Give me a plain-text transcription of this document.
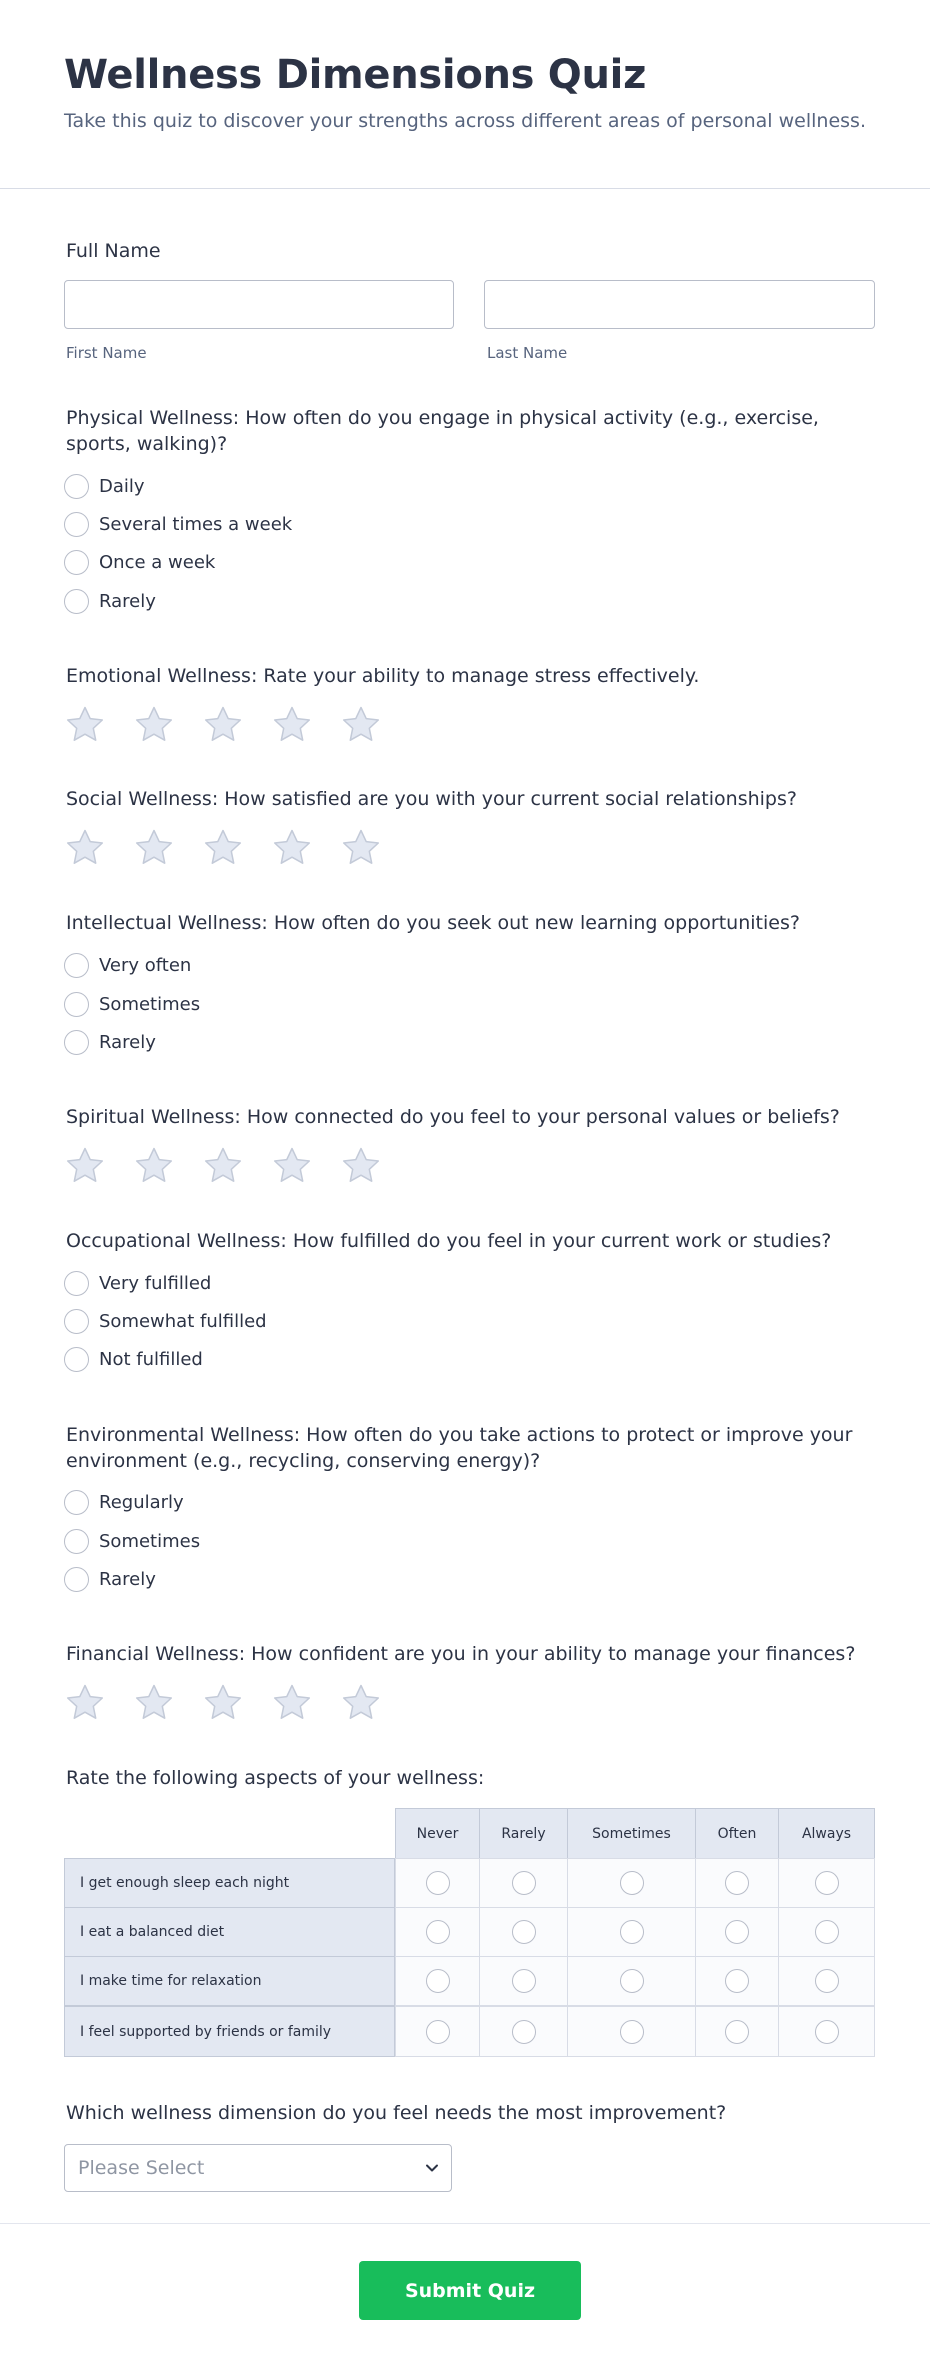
Wellness Dimensions Quiz
Take this quiz to discover your strengths across different areas of personal wellness.
Full Name
First Name	Last Name
Physical Wellness: How often do you engage in physical activity (e.g., exercise, sports, walking)?
Daily
Several times a week
Once a week
Rarely
Emotional Wellness: Rate your ability to manage stress effectively.
Social Wellness: How satisfied are you with your current social relationships?
Intellectual Wellness: How often do you seek out new learning opportunities?
Very often
Sometimes
Rarely
Spiritual Wellness: How connected do you feel to your personal values or beliefs?
Occupational Wellness: How fulfilled do you feel in your current work or studies?
Very fulfilled
Somewhat fulfilled
Not fulfilled
Environmental Wellness: How often do you take actions to protect or improve your environment (e.g., recycling, conserving energy)?
Regularly
Sometimes
Rarely
Financial Wellness: How confident are you in your ability to manage your finances?
Rate the following aspects of your wellness:
Never	Rarely	Sometimes	Often	Always
I get enough sleep each night
I eat a balanced diet
I make time for relaxation
I feel supported by friends or family
Which wellness dimension do you feel needs the most improvement?
Please Select
Submit Quiz
